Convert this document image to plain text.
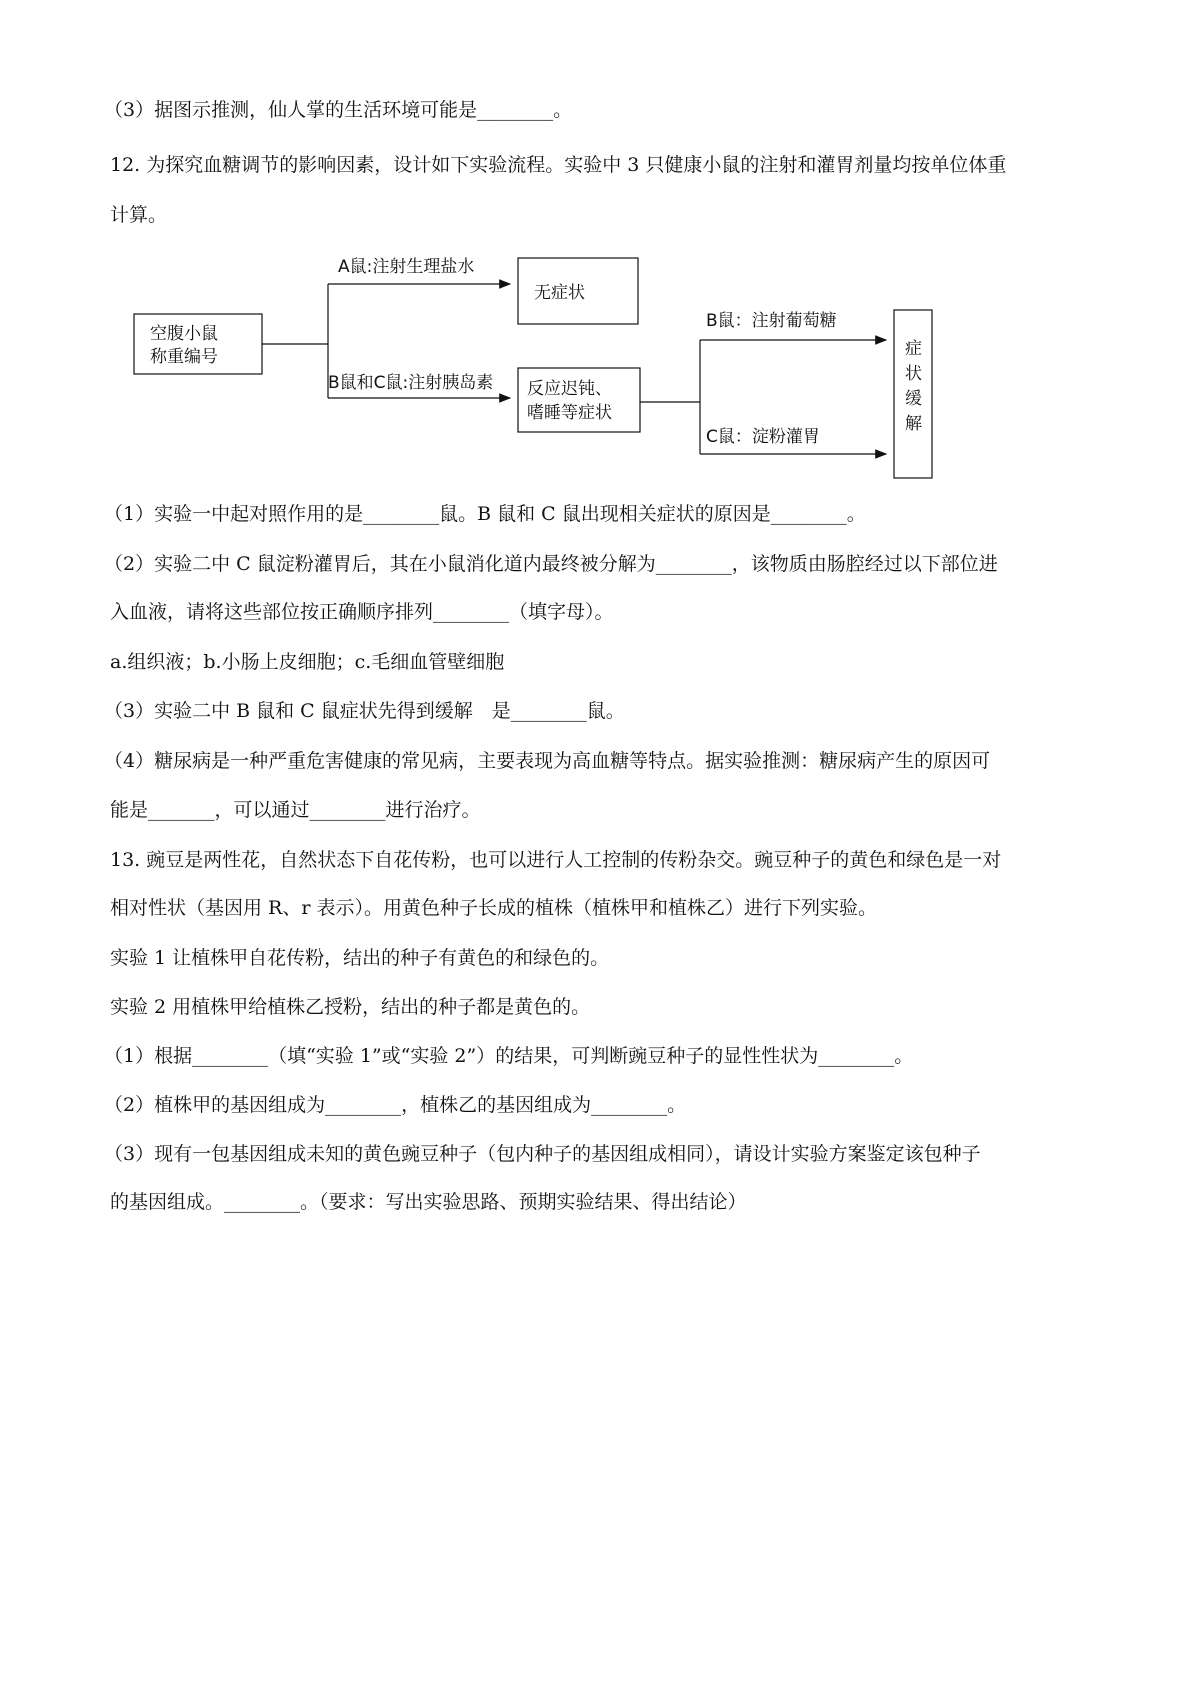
（3）据图示推测，仙人掌的生活环境可能是________。
12. 为探究血糖调节的影响因素，设计如下实验流程。实验中 3 只健康小鼠的注射和灌胃剂量均按单位体重
计算。
空腹小鼠
称重编号
A鼠:注射生理盐水
无症状
B鼠和C鼠:注射胰岛素 反应迟钝、
嗜睡等症状
B鼠：注射葡萄糖
C鼠：淀粉灌胃
症
状
缓
解
（1）实验一中起对照作用的是________鼠。B 鼠和 C 鼠出现相关症状的原因是________。
（2）实验二中 C 鼠淀粉灌胃后，其在小鼠消化道内最终被分解为________，该物质由肠腔经过以下部位进
入血液，请将这些部位按正确顺序排列________（填字母）。
a.组织液；b.小肠上皮细胞；c.毛细血管壁细胞
（3）实验二中 B 鼠和 C 鼠症状先得到缓解　是________鼠。
（4）糖尿病是一种严重危害健康的常见病，主要表现为高血糖等特点。据实验推测：糖尿病产生的原因可
能是_______，可以通过________进行治疗。
13. 豌豆是两性花，自然状态下自花传粉，也可以进行人工控制的传粉杂交。豌豆种子的黄色和绿色是一对
相对性状（基因用 R、r 表示）。用黄色种子长成的植株（植株甲和植株乙）进行下列实验。
实验 1 让植株甲自花传粉，结出的种子有黄色的和绿色的。
实验 2 用植株甲给植株乙授粉，结出的种子都是黄色的。
（1）根据________（填“实验 1”或“实验 2”）的结果，可判断豌豆种子的显性性状为________。
（2）植株甲的基因组成为________，植株乙的基因组成为________。
（3）现有一包基因组成未知的黄色豌豆种子（包内种子的基因组成相同），请设计实验方案鉴定该包种子
的基因组成。________。（要求：写出实验思路、预期实验结果、得出结论）
